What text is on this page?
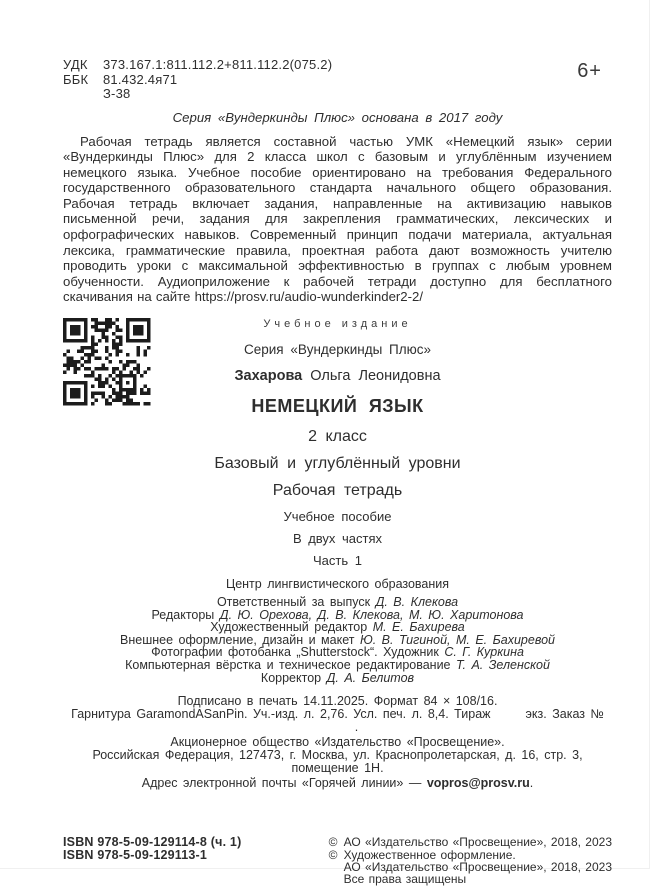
УДК	373.167.1:811.112.2+811.112.2(075.2)
ББК	81.432.4я71
З-38
6+
Серия «Вундеркинды Плюс» основана в 2017 году

Рабочая тетрадь является составной частью УМК «Немецкий язык» серии «Вундеркинды Плюс» для 2 класса школ с базовым и углублённым изучением немецкого языка. Учебное пособие ориентировано на требования Федерального государственного образовательного стандарта начального общего образования. Рабочая тетрадь включает задания, направленные на активизацию навыков письменной речи, задания для закрепления грамматических, лексических и орфографических навыков. Современный принцип подачи материала, актуальная лексика, грамматические правила, проектная работа дают возможность учителю проводить уроки с максимальной эффективностью в группах с любым уровнем обученности. Аудиоприложение к рабочей тетради доступно для бесплатного скачивания на сайте https://prosv.ru/audio-wunderkinder2-2/

Учебное издание
Серия «Вундеркинды Плюс»
Захарова Ольга Леонидовна
НЕМЕЦКИЙ ЯЗЫК
2 класс
Базовый и углублённый уровни
Рабочая тетрадь
Учебное пособие
В двух частях
Часть 1
Центр лингвистического образования
Ответственный за выпуск Д. В. Клекова
Редакторы Д. Ю. Орехова, Д. В. Клекова, М. Ю. Харитонова
Художественный редактор М. Е. Бахирева
Внешнее оформление, дизайн и макет Ю. В. Тигиной, М. Е. Бахиревой
Фотографии фотобанка „Shutterstock“. Художник С. Г. Куркина
Компьютерная вёрстка и техническое редактирование Т. А. Зеленской
Корректор Д. А. Белитов
Подписано в печать 14.11.2025. Формат 84 × 108/16.
Гарнитура GaramondASanPin. Уч.-изд. л. 2,76. Усл. печ. л. 8,4. Тираж	экз. Заказ №.
Акционерное общество «Издательство «Просвещение».
Российская Федерация, 127473, г. Москва, ул. Краснопролетарская, д. 16, стр. 3, помещение 1Н.
Адрес электронной почты «Горячей линии» — vopros@prosv.ru.
ISBN 978-5-09-129114-8 (ч. 1)
ISBN 978-5-09-129113-1
© АО «Издательство «Просвещение», 2018, 2023
© Художественное оформление.
АО «Издательство «Просвещение», 2018, 2023
Все права защищены
